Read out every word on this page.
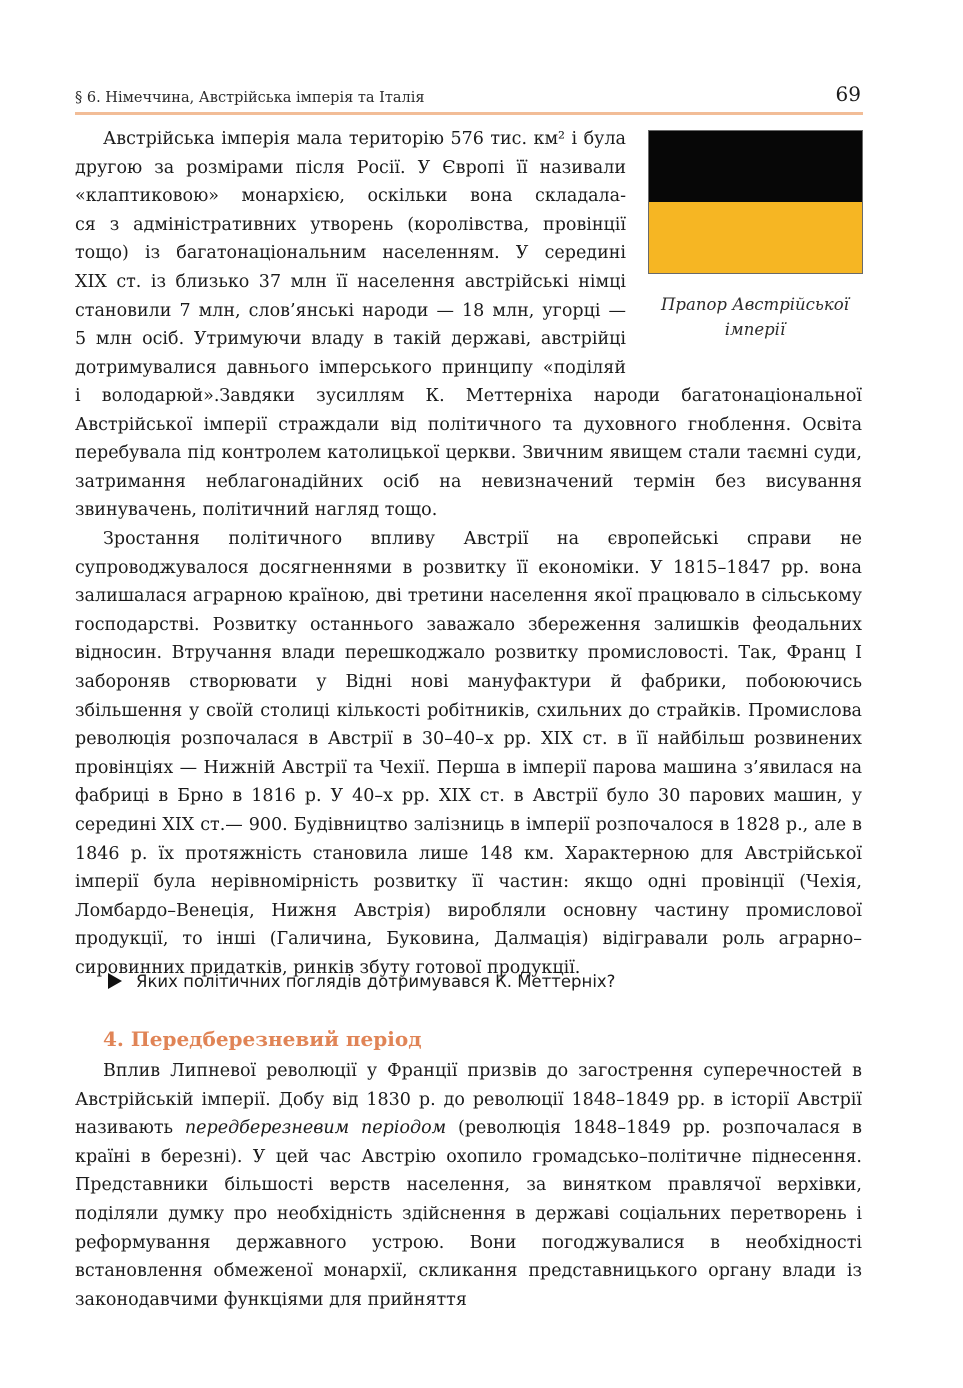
§ 6. Німеччина, Австрійська імперія та Італія	69
Прапор Австрійської
імперії
Австрійська імперія мала територію 576 тис. км² і була
другою за розмірами після Росії. У Європі її називали
«клаптиковою» монархією, оскільки вона складала-
ся з адміністративних утворень (королівства, провінції
тощо) із багатонаціональним населенням. У середині
ХІХ ст. із близько 37 млн її населення австрійські німці
становили 7 млн, слов’янські народи — 18 млн, угорці —
5 млн осіб. Утримуючи владу в такій державі, австрійці
дотримувалися давнього імперського принципу «поділяй

і володарюй».Завдяки зусиллям К. Меттерніха народи багатонаціональної Австрійської імперії страждали від політичного та духовного гноблення. Освіта перебувала під контролем католицької церкви. Звичним явищем стали таємні суди, затримання неблагонадійних осіб на невизначений термін без висування звинувачень, політичний нагляд тощо.

Зростання політичного впливу Австрії на європейські справи не супроводжувалося досягненнями в розвитку її економіки. У 1815–1847 рр. вона залишалася аграрною країною, дві третини населення якої працювало в сільському господарстві. Розвитку останнього заважало збереження залишків феодальних відносин. Втручання влади перешкоджало розвитку промисловості. Так, Франц І забороняв створювати у Відні нові мануфактури й фабрики, побоюючись збільшення у своїй столиці кількості робітників, схильних до страйків. Промислова революція розпочалася в Австрії в 30–40–х рр. ХІХ ст. в її найбільш розвинених провінціях — Нижній Австрії та Чехії. Перша в імперії парова машина з’явилася на фабриці в Брно в 1816 р. У 40–х рр. ХІХ ст. в Австрії було 30 парових машин, у середині ХІХ ст.— 900. Будівництво залізниць в імперії розпочалося в 1828 р., але в 1846 р. їх протяжність становила лише 148 км. Характерною для Австрійської імперії була нерівномірність розвитку її частин: якщо одні провінції (Чехія, Ломбардо–Венеція, Нижня Австрія) виробляли основну частину промислової продукції, то інші (Галичина, Буковина, Далмація) відігравали роль аграрно–сировинних придатків, ринків збуту готової продукції.

Яких політичних поглядів дотримувався К. Меттерніх?
4. Передберезневий період

Вплив Липневої революції у Франції призвів до загострення суперечностей в Австрійській імперії. Добу від 1830 р. до революції 1848–1849 рр. в історії Австрії називають передберезневим періодом (революція 1848–1849 рр. розпочалася в країні в березні). У цей час Австрію охопило громадсько–політичне піднесення. Представники більшості верств населення, за винятком правлячої верхівки, поділяли думку про необхідність здійснення в державі соціальних перетворень і реформування державного устрою. Вони погоджувалися в необхідності встановлення обмеженої монархії, скликання представницького органу влади із законодавчими функціями для прийняття
